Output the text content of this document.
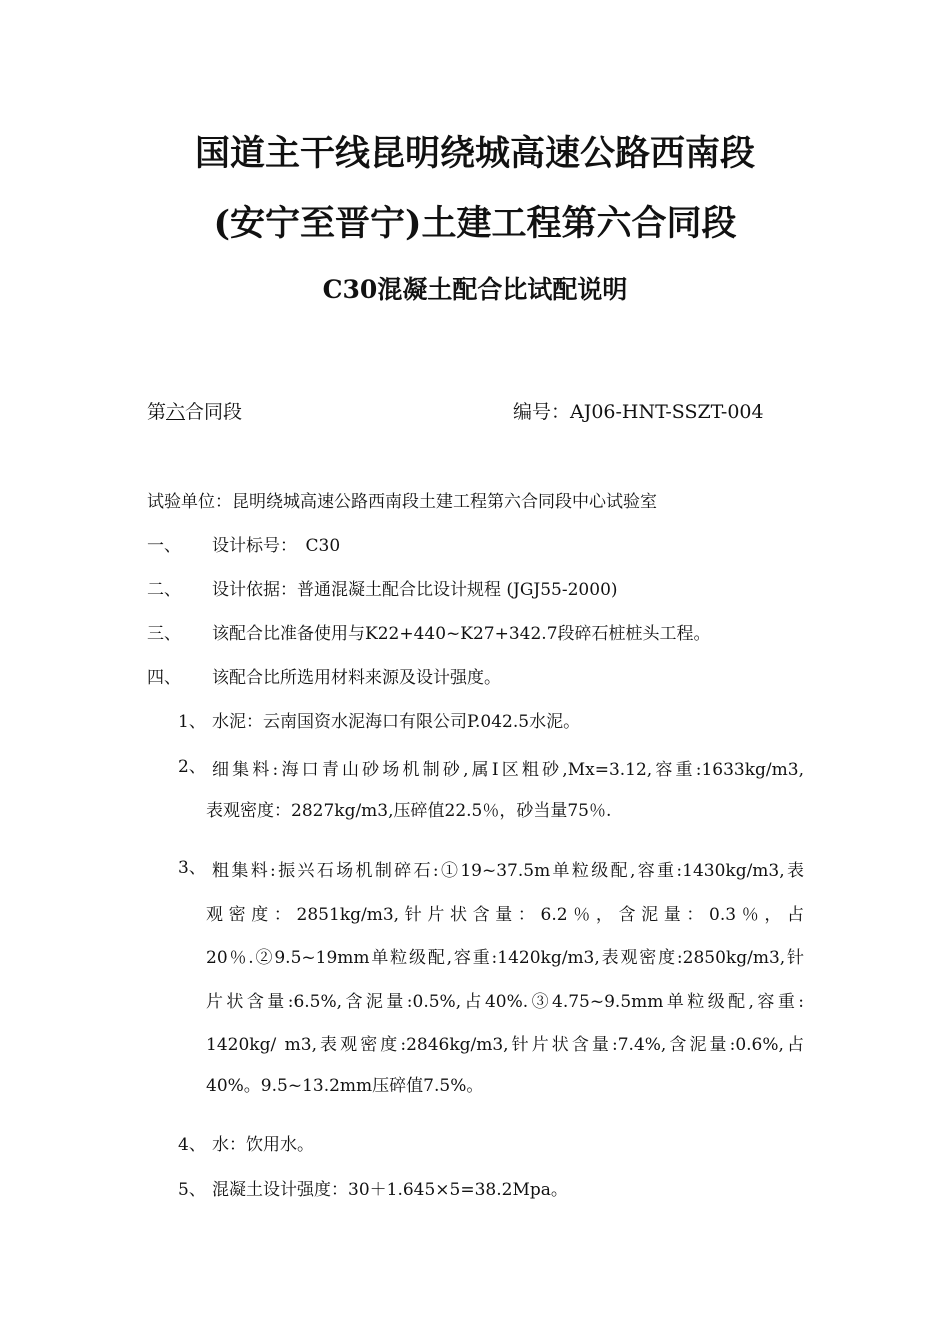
国道主干线昆明绕城高速公路西南段
(安宁至晋宁)土建工程第六合同段
C30混凝土配合比试配说明
第六合同段	编号：AJ06-HNT-SSZT-004
试验单位：昆明绕城高速公路西南段土建工程第六合同段中心试验室
一、 设计标号：　C30
二、 设计依据：普通混凝土配合比设计规程 (JGJ55-2000)
三、 该配合比准备使用与K22+440~K27+342.7段碎石桩桩头工程。
四、 该配合比所选用材料来源及设计强度。
1、 水泥：云南国资水泥海口有限公司P.042.5水泥。
2、 细集料:海口青山砂场机制砂,属Ⅰ区粗砂,Mx=3.12,容重:1633kg/m3,
表观密度：2827kg/m3,压碎值22.5％，砂当量75％.
3、 粗集料:振兴石场机制碎石:①19~37.5m单粒级配,容重:1430kg/m3,表
观密度：2851kg/m3,针片状含量：6.2％，含泥量：0.3％，占
20％.②9.5~19mm单粒级配,容重:1420kg/m3,表观密度:2850kg/m3,针
片状含量:6.5%,含泥量:0.5%,占40%.③4.75~9.5mm单粒级配,容重:
1420kg/ m3,表观密度:2846kg/m3,针片状含量:7.4%,含泥量:0.6%,占
40%。9.5~13.2mm压碎值7.5%。
4、 水：饮用水。
5、 混凝土设计强度：30＋1.645×5=38.2Mpa。
